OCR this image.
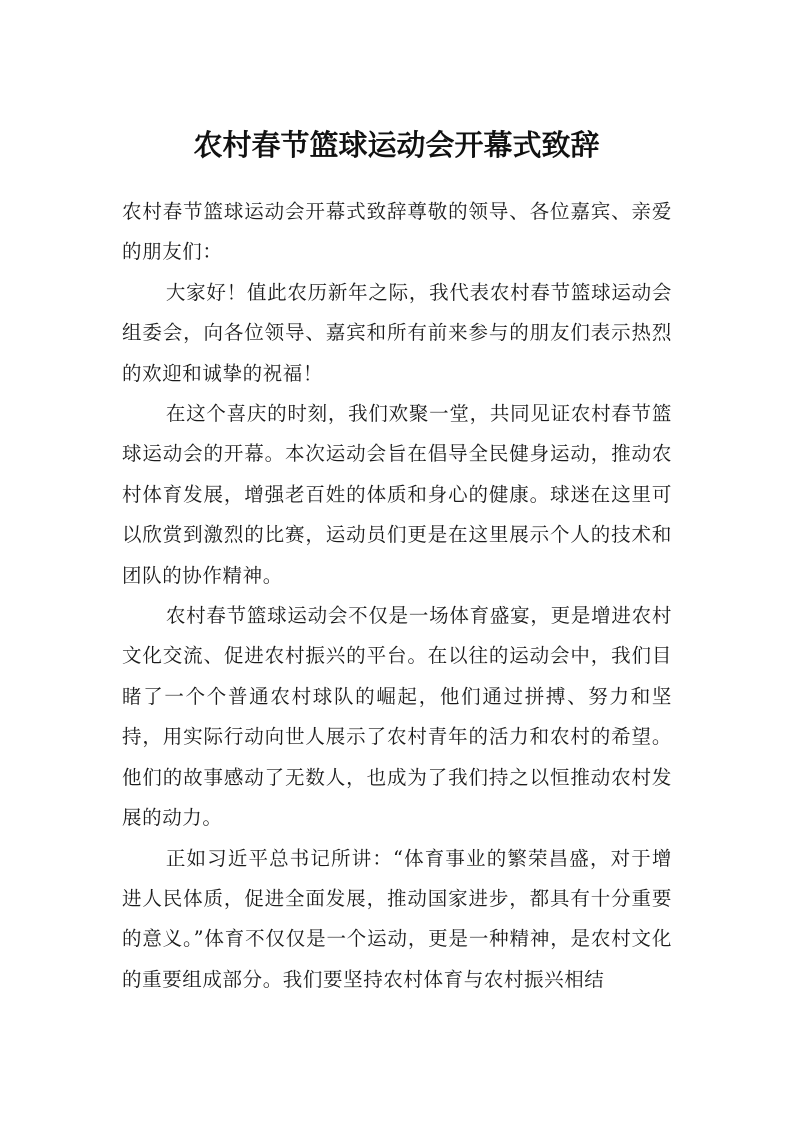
农村春节篮球运动会开幕式致辞

农村春节篮球运动会开幕式致辞尊敬的领导、各位嘉宾、亲爱的朋友们：

大家好！值此农历新年之际，我代表农村春节篮球运动会组委会，向各位领导、嘉宾和所有前来参与的朋友们表示热烈的欢迎和诚挚的祝福！

在这个喜庆的时刻，我们欢聚一堂，共同见证农村春节篮球运动会的开幕。本次运动会旨在倡导全民健身运动，推动农村体育发展，增强老百姓的体质和身心的健康。球迷在这里可以欣赏到激烈的比赛，运动员们更是在这里展示个人的技术和团队的协作精神。

农村春节篮球运动会不仅是一场体育盛宴，更是增进农村文化交流、促进农村振兴的平台。在以往的运动会中，我们目睹了一个个普通农村球队的崛起，他们通过拼搏、努力和坚持，用实际行动向世人展示了农村青年的活力和农村的希望。他们的故事感动了无数人，也成为了我们持之以恒推动农村发展的动力。

正如习近平总书记所讲：“体育事业的繁荣昌盛，对于增进人民体质，促进全面发展，推动国家进步，都具有十分重要的意义。”体育不仅仅是一个运动，更是一种精神，是农村文化的重要组成部分。我们要坚持农村体育与农村振兴相结
